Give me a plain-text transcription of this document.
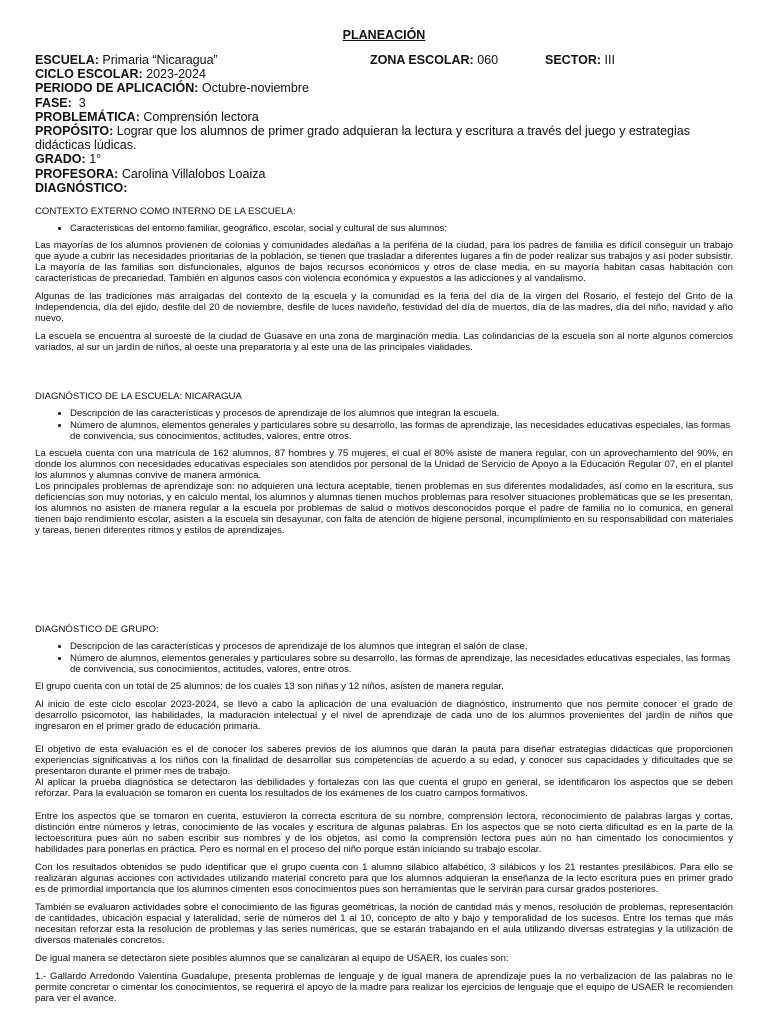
PLANEACIÓN
ESCUELA: Primaria “Nicaragua”	ZONA ESCOLAR: 060	SECTOR: III
CICLO ESCOLAR: 2023-2024
PERIODO DE APLICACIÓN: Octubre-noviembre
FASE: 3
PROBLEMÁTICA: Comprensión lectora
PROPÓSITO: Lograr que los alumnos de primer grado adquieran la lectura y escritura a través del juego y estrategias didácticas lúdicas.
GRADO: 1°
PROFESORA: Carolina Villalobos Loaiza
DIAGNÓSTICO:
CONTEXTO EXTERNO COMO INTERNO DE LA ESCUELA:
• Características del entorno familiar, geográfico, escolar, social y cultural de sus alumnos:

Las mayorías de los alumnos provienen de colonias y comunidades aledañas a la periferia de la ciudad, para los padres de familia es difícil conseguir un trabajo que ayude a cubrir las necesidades prioritarias de la población, se tienen que trasladar a diferentes lugares a fin de poder realizar sus trabajos y así poder subsistir. La mayoría de las familias son disfuncionales, algunos de bajos recursos económicos y otros de clase media, en su mayoría habitan casas habitación con características de precariedad. También en algunos casos con violencia económica y expuestos a las adicciones y al vandalismo.

Algunas de las tradiciones más arraigadas del contexto de la escuela y la comunidad es la feria del día de la virgen del Rosario, el festejo del Grito de la Independencia, día del ejido, desfile del 20 de noviembre, desfile de luces navideño, festividad del día de muertos, día de las madres, día del niño, navidad y año nuevo.

La escuela se encuentra al suroeste de la ciudad de Guasave en una zona de marginación media. Las colindancias de la escuela son al norte algunos comercios variados, al sur un jardín de niños, al oeste una preparatoria y al este una de las principales vialidades.

DIAGNÓSTICO DE LA ESCUELA: NICARAGUA
• Descripción de las características y procesos de aprendizaje de los alumnos que integran la escuela.
• Número de alumnos, elementos generales y particulares sobre su desarrollo, las formas de aprendizaje, las necesidades educativas especiales, las formas de convivencia, sus conocimientos, actitudes, valores, entre otros.

La escuela cuenta con una matrícula de 162 alumnos, 87 hombres y 75 mujeres, el cual el 80% asiste de manera regular, con un aprovechamiento del 90%, en donde los alumnos con necesidades educativas especiales son atendidos por personal de la Unidad de Servicio de Apoyo a la Educación Regular 07, en el plantel los alumnos y alumnas convive de manera armónica.

Los principales problemas de aprendizaje son: no adquieren una lectura aceptable, tienen problemas en sus diferentes modalidades, así como en la escritura, sus deficiencias son muy notorias, y en cálculo mental, los alumnos y alumnas tienen muchos problemas para resolver situaciones problemáticas que se les presentan, los alumnos no asisten de manera regular a la escuela por problemas de salud o motivos desconocidos porque el padre de familia no lo comunica, en general tienen bajo rendimiento escolar, asisten a la escuela sin desayunar, con falta de atención de higiene personal, incumplimiento en su responsabilidad con materiales y tareas, tienen diferentes ritmos y estilos de aprendizajes.

DIAGNÓSTICO DE GRUPO:
• Descripción de las características y procesos de aprendizaje de los alumnos que integran el salón de clase.
• Número de alumnos, elementos generales y particulares sobre su desarrollo, las formas de aprendizaje, las necesidades educativas especiales, las formas de convivencia, sus conocimientos, actitudes, valores, entre otros.

El grupo cuenta con un total de 25 alumnos: de los cuales 13 son niñas y 12 niños, asisten de manera regular.

Al inicio de este ciclo escolar 2023-2024, se llevó a cabo la aplicación de una evaluación de diagnóstico, instrumento que nos permite conocer el grado de desarrollo psicomotor, las habilidades, la maduración intelectual y el nivel de aprendizaje de cada uno de los alumnos provenientes del jardín de niños que ingresaron en el primer grado de educación primaria.

El objetivo de esta evaluación es el de conocer los saberes previos de los alumnos que darán la pauta para diseñar estrategias didácticas que proporcionen experiencias significativas a los niños con la finalidad de desarrollar sus competencias de acuerdo a su edad, y conocer sus capacidades y dificultades que se presentaron durante el primer mes de trabajo.

Al aplicar la prueba diagnóstica se detectaron las debilidades y fortalezas con las que cuenta el grupo en general, se identificaron los aspectos que se deben reforzar. Para la evaluación se tomaron en cuenta los resultados de los exámenes de los cuatro campos formativos.

Entre los aspectos que se tomaron en cuenta, estuvieron la correcta escritura de su nombre, comprensión lectora, reconocimiento de palabras largas y cortas, distinción entre números y letras, conocimiento de las vocales y escritura de algunas palabras. En los aspectos que se notó cierta dificultad es en la parte de la lectoescritura pues aún no saben escribir sus nombres y de los objetos, así como la comprensión lectora pues aún no han cimentado los conocimientos y habilidades para ponerlas en práctica. Pero es normal en el proceso del niño porque están iniciando su trabajo escolar.

Con los resultados obtenidos se pudo identificar que el grupo cuenta con 1 alumno silábico alfabético, 3 silábicos y los 21 restantes presilábicos. Para ello se realizarán algunas acciones con actividades utilizando material concreto para que los alumnos adquieran la enseñanza de la lecto escritura pues en primer grado es de primordial importancia que los alumnos cimenten esos conocimientos pues son herramientas que le servirán para cursar grados posteriores.

También se evaluaron actividades sobre el conocimiento de las figuras geométricas, la noción de cantidad más y menos, resolución de problemas, representación de cantidades, ubicación espacial y lateralidad, serie de números del 1 al 10, concepto de alto y bajo y temporalidad de los sucesos. Entre los temas que más necesitan reforzar esta la resolución de problemas y las series numéricas, que se estarán trabajando en el aula utilizando diversas estrategias y la utilización de diversos materiales concretos.

De igual manera se detectaron siete posibles alumnos que se canalizaran al equipo de USAER, los cuales son:

1.- Gallardo Arredondo Valentina Guadalupe, presenta problemas de lenguaje y de igual manera de aprendizaje pues la no verbalización de las palabras no le permite concretar o cimentar los conocimientos, se requerirá el apoyo de la madre para realizar los ejercicios de lenguaje que el equipo de USAER le recomienden para ver el avance.
